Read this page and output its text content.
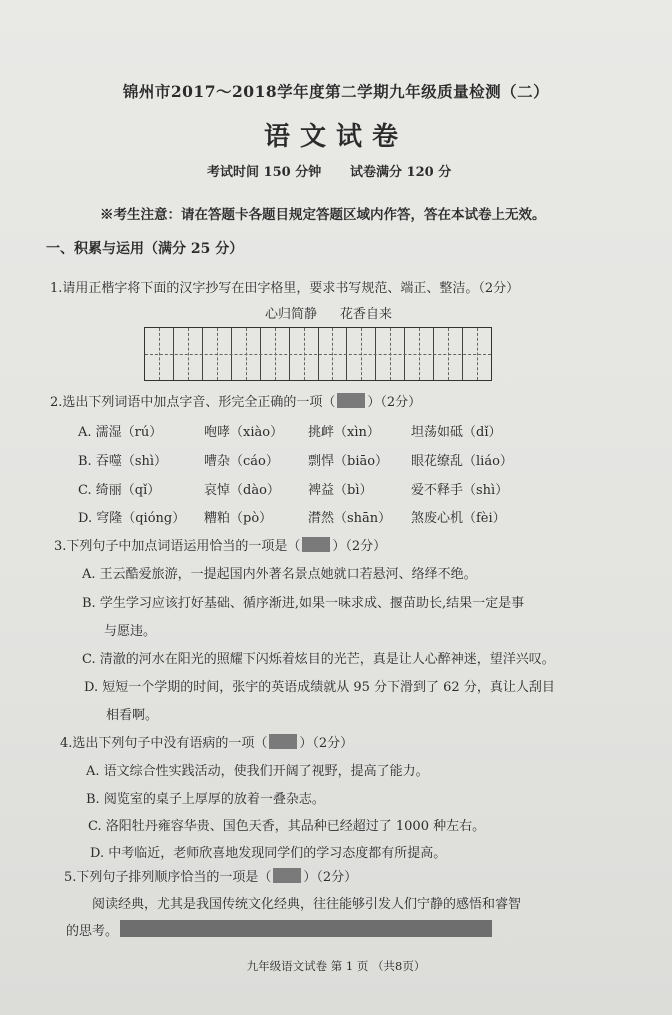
锦州市2017～2018学年度第二学期九年级质量检测（二）
语文试卷
考试时间 150 分钟 试卷满分 120 分
※考生注意：请在答题卡各题目规定答题区域内作答，答在本试卷上无效。
一、积累与运用（满分 25 分）
1.请用正楷字将下面的汉字抄写在田字格里，要求书写规范、端正、整洁。（2分）
心归简静 花香自来
2.选出下列词语中加点字音、形完全正确的一项（ ）（2分）
A. 濡湿（rú）	咆哮（xiào） 挑衅（xìn） 坦荡如砥（dǐ）
B. 吞噬（shì）	嘈杂（cáo） 剽悍（biāo） 眼花缭乱（liáo）
C. 绮丽（qǐ）	哀悼（dào） 裨益（bì）	爱不释手（shì）
D. 穹隆（qióng） 糟粕（pò）	潸然（shān） 煞废心机（fèi）
3.下列句子中加点词语运用恰当的一项是（ ）（2分）
A. 王云酷爱旅游，一提起国内外著名景点她就口若悬河、络绎不绝。
B. 学生学习应该打好基础、循序渐进,如果一味求成、揠苗助长,结果一定是事
与愿违。
C. 清澈的河水在阳光的照耀下闪烁着炫目的光芒，真是让人心醉神迷，望洋兴叹。
D. 短短一个学期的时间，张宇的英语成绩就从 95 分下滑到了 62 分，真让人刮目
相看啊。
4.选出下列句子中没有语病的一项（ ）（2分）
A. 语文综合性实践活动，使我们开阔了视野，提高了能力。
B. 阅览室的桌子上厚厚的放着一叠杂志。
C. 洛阳牡丹雍容华贵、国色天香，其品种已经超过了 1000 种左右。
D. 中考临近，老师欣喜地发现同学们的学习态度都有所提高。
5.下列句子排列顺序恰当的一项是（ ）（2分）
阅读经典，尤其是我国传统文化经典，往往能够引发人们宁静的感悟和睿智
的思考。
九年级语文试卷 第 1 页 （共8页）
